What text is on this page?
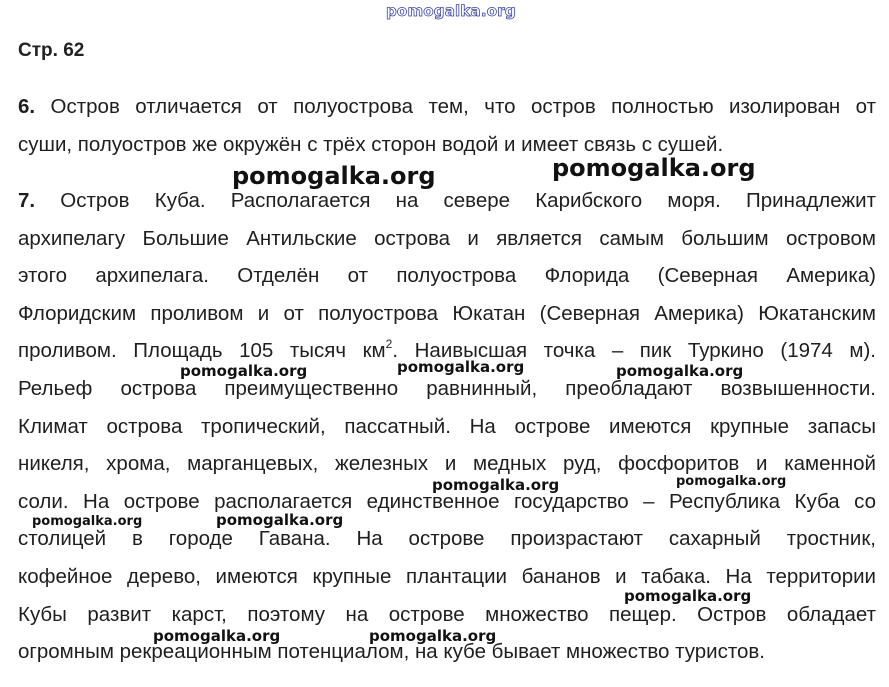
pomogalka.org
Стр. 62
6. Остров отличается от полуострова тем, что остров полностью изолирован от
суши, полуостров же окружён с трёх сторон водой и имеет связь с сушей.
7. Остров Куба. Располагается на севере Карибского моря. Принадлежит
архипелагу Большие Антильские острова и является самым большим островом
этого архипелага. Отделён от полуострова Флорида (Северная Америка)
Флоридским проливом и от полуострова Юкатан (Северная Америка) Юкатанским
проливом. Площадь 105 тысяч $км^2$. Наивысшая точка – пик Туркино (1974 м).
Рельеф острова преимущественно равнинный, преобладают возвышенности.
Климат острова тропический, пассатный. На острове имеются крупные запасы
никеля, хрома, марганцевых, железных и медных руд, фосфоритов и каменной
соли. На острове располагается единственное государство – Республика Куба со
столицей в городе Гавана. На острове произрастают сахарный тростник,
кофейное дерево, имеются крупные плантации бананов и табака. На территории
Кубы развит карст, поэтому на острове множество пещер. Остров обладает
огромным рекреационным потенциалом, на кубе бывает множество туристов.
pomogalka.org	pomogalka.org
pomogalka.org	pomogalka.org	pomogalka.org
pomogalka.org	pomogalka.org
pomogalka.org	pomogalka.org
pomogalka.org
pomogalka.org	pomogalka.org
